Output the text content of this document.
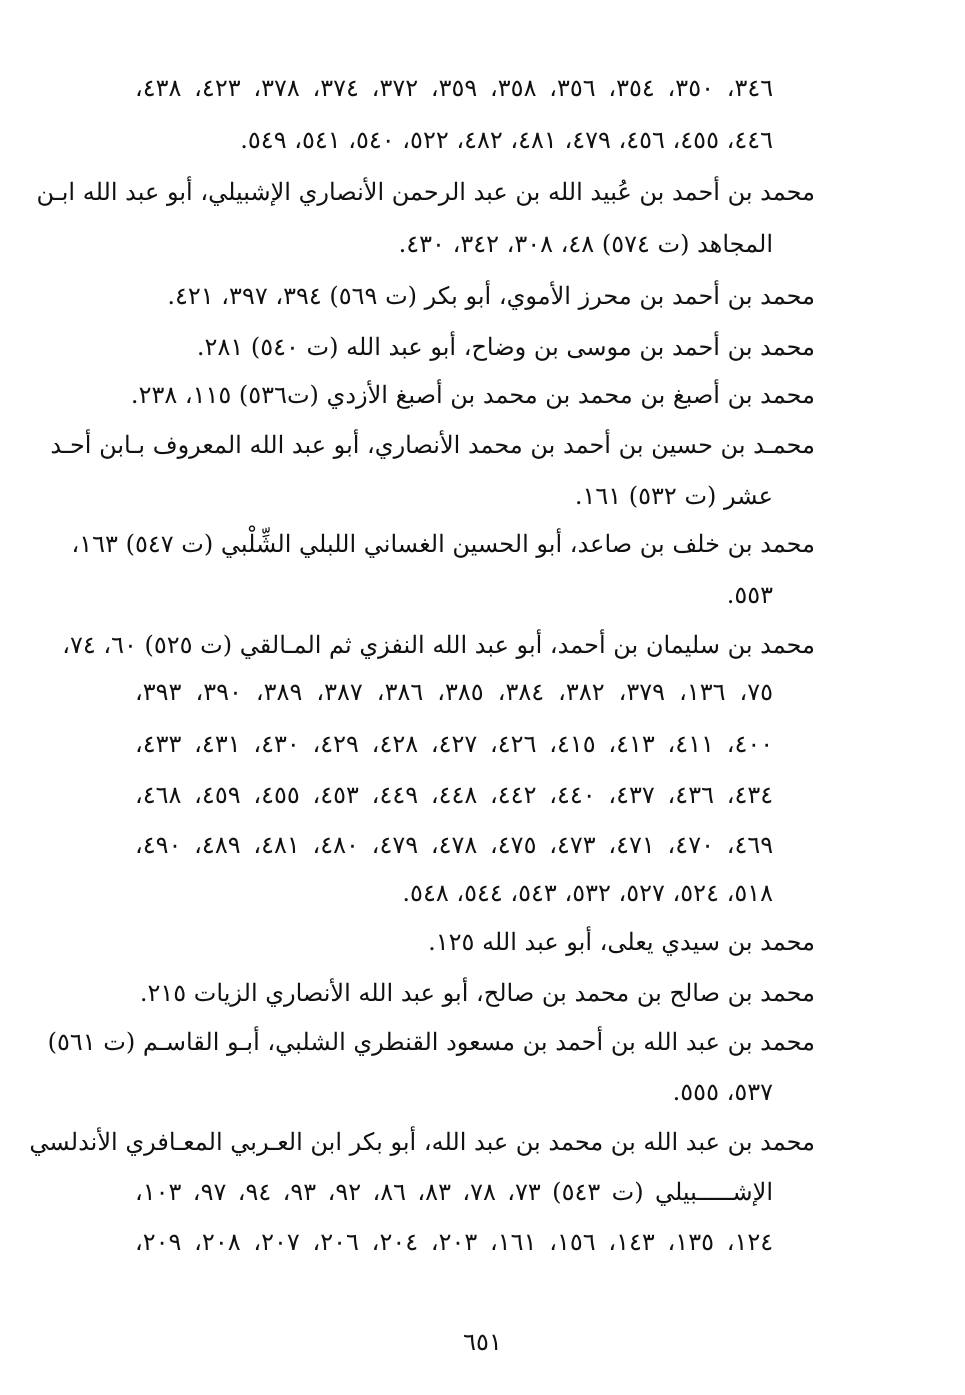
٣٤٦، ٣٥٠، ٣٥٤، ٣٥٦، ٣٥٨، ٣٥٩، ٣٧٢، ٣٧٤، ٣٧٨، ٤٢٣، ٤٣٨،
٤٤٦، ٤٥٥، ٤٥٦، ٤٧٩، ٤٨١، ٤٨٢، ٥٢٢، ٥٤٠، ٥٤١، ٥٤٩.
محمد بن أحمد بن عُبيد الله بن عبد الرحمن الأنصاري الإشبيلي، أبو عبد الله ابـن
المجاهد (ت ٥٧٤) ٤٨، ٣٠٨، ٣٤٢، ٤٣٠.
محمد بن أحمد بن محرز الأموي، أبو بكر (ت ٥٦٩) ٣٩٤، ٣٩٧، ٤٢١.
محمد بن أحمد بن موسى بن وضاح، أبو عبد الله (ت ٥٤٠) ٢٨١.
محمد بن أصبغ بن محمد بن محمد بن أصبغ الأزدي (ت٥٣٦) ١١٥، ٢٣٨.
محمـد بن حسين بن أحمد بن محمد الأنصاري، أبو عبد الله المعروف بـابن أحـد
عشر (ت ٥٣٢) ١٦١.
محمد بن خلف بن صاعد، أبو الحسين الغساني اللبلي الشِّلْبي (ت ٥٤٧) ١٦٣،
٥٥٣.
محمد بن سليمان بن أحمد، أبو عبد الله النفزي ثم المـالقي (ت ٥٢٥) ٦٠، ٧٤،
٧٥، ١٣٦، ٣٧٩، ٣٨٢، ٣٨٤، ٣٨٥، ٣٨٦، ٣٨٧، ٣٨٩، ٣٩٠، ٣٩٣،
٤٠٠، ٤١١، ٤١٣، ٤١٥، ٤٢٦، ٤٢٧، ٤٢٨، ٤٢٩، ٤٣٠، ٤٣١، ٤٣٣،
٤٣٤، ٤٣٦، ٤٣٧، ٤٤٠، ٤٤٢، ٤٤٨، ٤٤٩، ٤٥٣، ٤٥٥، ٤٥٩، ٤٦٨،
٤٦٩، ٤٧٠، ٤٧١، ٤٧٣، ٤٧٥، ٤٧٨، ٤٧٩، ٤٨٠، ٤٨١، ٤٨٩، ٤٩٠،
٥١٨، ٥٢٤، ٥٢٧، ٥٣٢، ٥٤٣، ٥٤٤، ٥٤٨.
محمد بن سيدي يعلى، أبو عبد الله ١٢٥.
محمد بن صالح بن محمد بن صالح، أبو عبد الله الأنصاري الزيات ٢١٥.
محمد بن عبد الله بن أحمد بن مسعود القنطري الشلبي، أبـو القاسـم (ت ٥٦١)
٥٣٧، ٥٥٥.
محمد بن عبد الله بن محمد بن عبد الله، أبو بكر ابن العـربي المعـافري الأندلسي
الإشـــــبيلي (ت ٥٤٣) ٧٣، ٧٨، ٨٣، ٨٦، ٩٢، ٩٣، ٩٤، ٩٧، ١٠٣،
١٢٤، ١٣٥، ١٤٣، ١٥٦، ١٦١، ٢٠٣، ٢٠٤، ٢٠٦، ٢٠٧، ٢٠٨، ٢٠٩،
٦٥١
